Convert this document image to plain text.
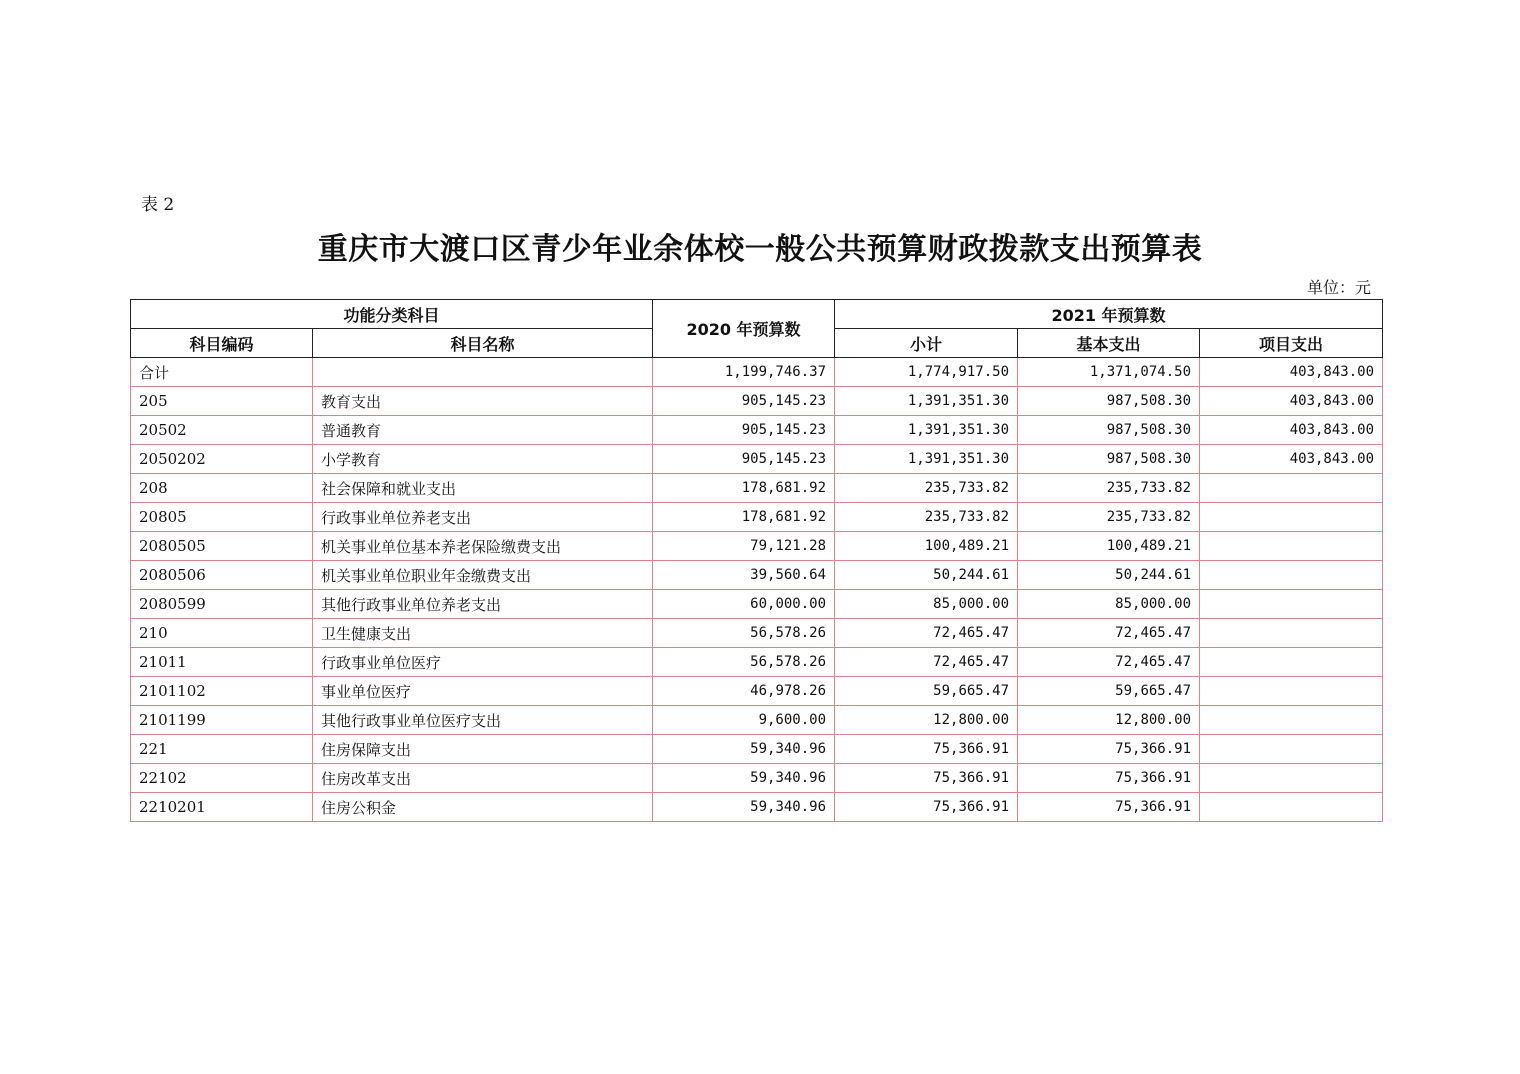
表 2
重庆市大渡口区青少年业余体校一般公共预算财政拨款支出预算表
单位：元
功能分类科目		2020 年预算数	2021 年预算数		
科目编码	科目名称		小计	基本支出	项目支出
合计		1,199,746.37	1,774,917.50	1,371,074.50	403,843.00
205	教育支出	905,145.23	1,391,351.30	987,508.30	403,843.00
20502	普通教育	905,145.23	1,391,351.30	987,508.30	403,843.00
2050202	小学教育	905,145.23	1,391,351.30	987,508.30	403,843.00
208	社会保障和就业支出	178,681.92	235,733.82	235,733.82	
20805	行政事业单位养老支出	178,681.92	235,733.82	235,733.82	
2080505	机关事业单位基本养老保险缴费支出	79,121.28	100,489.21	100,489.21	
2080506	机关事业单位职业年金缴费支出	39,560.64	50,244.61	50,244.61	
2080599	其他行政事业单位养老支出	60,000.00	85,000.00	85,000.00	
210	卫生健康支出	56,578.26	72,465.47	72,465.47	
21011	行政事业单位医疗	56,578.26	72,465.47	72,465.47	
2101102	事业单位医疗	46,978.26	59,665.47	59,665.47	
2101199	其他行政事业单位医疗支出	9,600.00	12,800.00	12,800.00	
221	住房保障支出	59,340.96	75,366.91	75,366.91	
22102	住房改革支出	59,340.96	75,366.91	75,366.91	
2210201	住房公积金	59,340.96	75,366.91	75,366.91	
